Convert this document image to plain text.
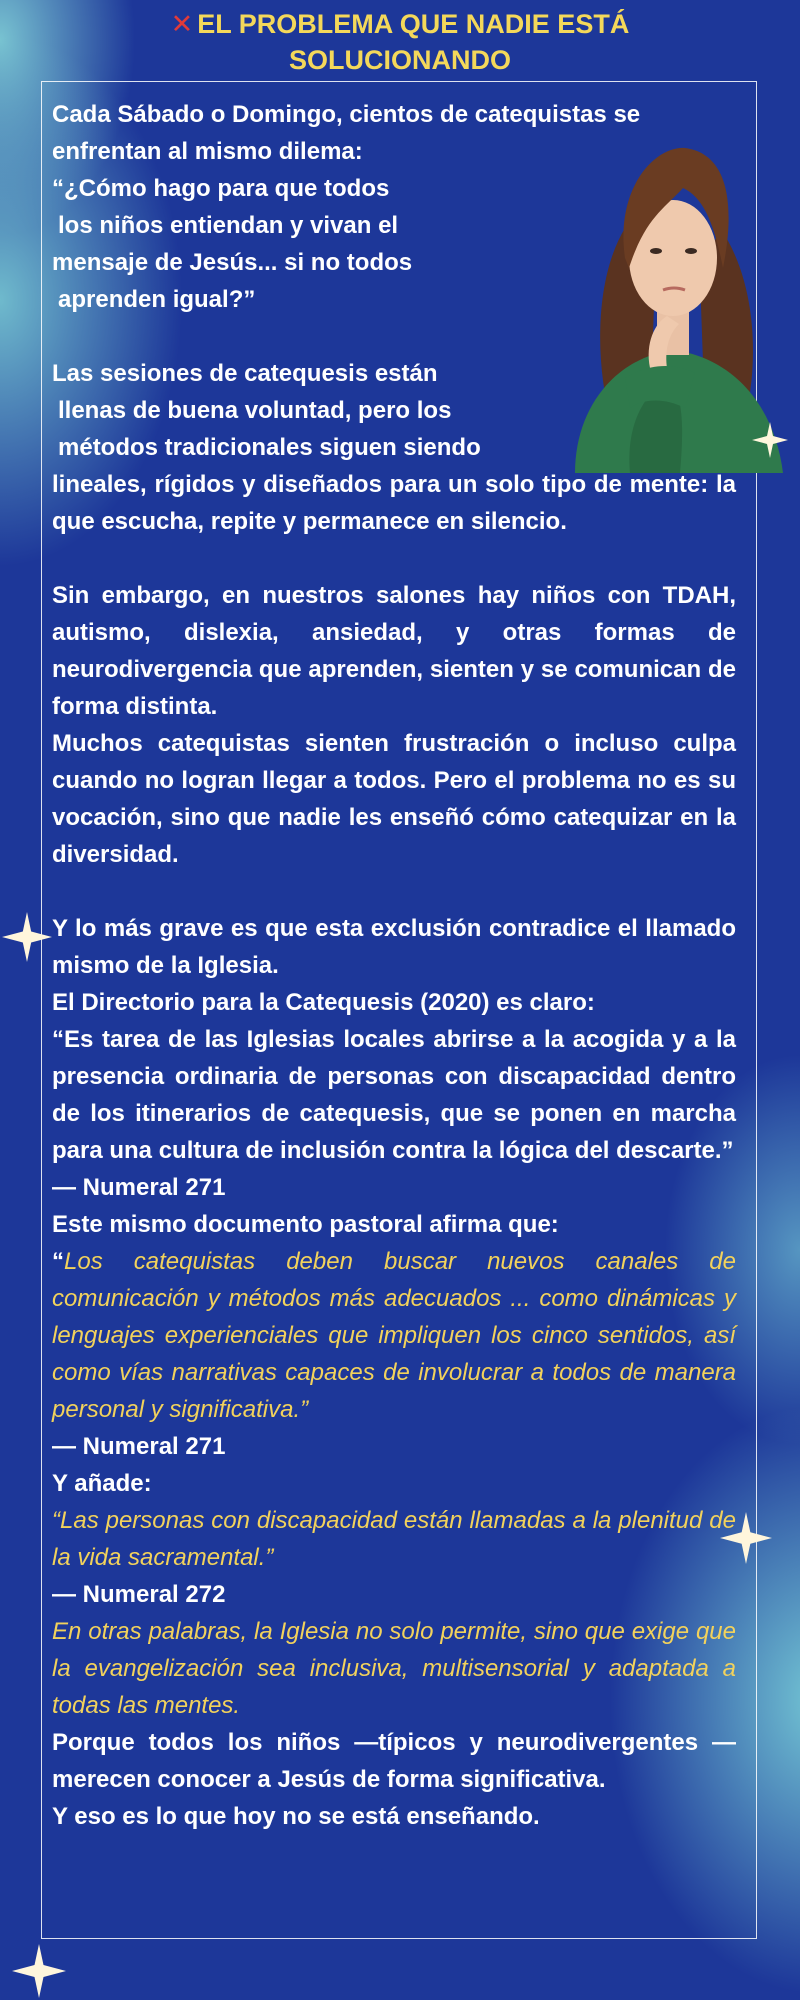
✕ EL PROBLEMA QUE NADIE ESTÁ
SOLUCIONANDO

Cada Sábado o Domingo, cientos de catequistas se enfrentan al mismo dilema:

“¿Cómo hago para que todos

los niños entiendan y vivan el

mensaje de Jesús... si no todos

aprenden igual?”

Las sesiones de catequesis están

llenas de buena voluntad, pero los

métodos tradicionales siguen siendo

lineales, rígidos y diseñados para un solo tipo de mente: la que escucha, repite y permanece en silencio.

Sin embargo, en nuestros salones hay niños con TDAH, autismo, dislexia, ansiedad, y otras formas de neurodivergencia que aprenden, sienten y se comunican de forma distinta.

Muchos catequistas sienten frustración o incluso culpa cuando no logran llegar a todos. Pero el problema no es su vocación, sino que nadie les enseñó cómo catequizar en la diversidad.

Y lo más grave es que esta exclusión contradice el llamado mismo de la Iglesia.

El Directorio para la Catequesis (2020) es claro:

“Es tarea de las Iglesias locales abrirse a la acogida y a la presencia ordinaria de personas con discapacidad dentro de los itinerarios de catequesis, que se ponen en marcha para una cultura de inclusión contra la lógica del descarte.”

— Numeral 271

Este mismo documento pastoral afirma que:

“Los catequistas deben buscar nuevos canales de comunicación y métodos más adecuados ... como dinámicas y lenguajes experienciales que impliquen los cinco sentidos, así como vías narrativas capaces de involucrar a todos de manera personal y significativa.”

— Numeral 271

Y añade:

“Las personas con discapacidad están llamadas a la plenitud de la vida sacramental.”

— Numeral 272

En otras palabras, la Iglesia no solo permite, sino que exige que la evangelización sea inclusiva, multisensorial y adaptada a todas las mentes.

Porque todos los niños —típicos y neurodivergentes — merecen conocer a Jesús de forma significativa.

Y eso es lo que hoy no se está enseñando.
